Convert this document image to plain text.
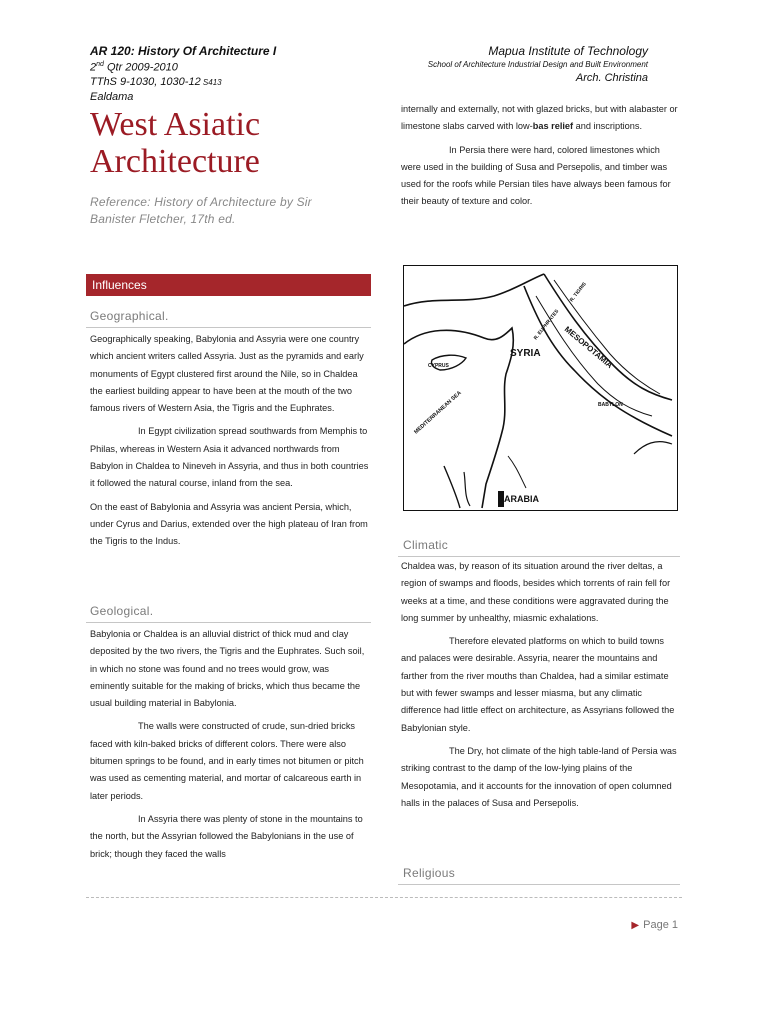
AR 120: History Of Architecture I
2nd Qtr 2009-2010
TThS 9-1030, 1030-12 S413
Ealdama
Mapua Institute of Technology
School of Architecture Industrial Design and Built Environment
Arch. Christina
West Asiatic
Architecture
Reference: History of Architecture by Sir Banister Fletcher, 17th ed.
Influences
Geographical.

Geographically speaking, Babylonia and Assyria were one country which ancient writers called Assyria. Just as the pyramids and early monuments of Egypt clustered first around the Nile, so in Chaldea the earliest building appear to have been at the mouth of the two famous rivers of Western Asia, the Tigris and the Euphrates.

In Egypt civilization spread southwards from Memphis to Philas, whereas in Western Asia it advanced northwards from Babylon in Chaldea to Nineveh in Assyria, and thus in both countries it followed the natural course, inland from the sea.

On the east of Babylonia and Assyria was ancient Persia, which, under Cyrus and Darius, extended over the high plateau of Iran from the Tigris to the Indus.

Geological.

Babylonia or Chaldea is an alluvial district of thick mud and clay deposited by the two rivers, the Tigris and the Euphrates. Such soil, in which no stone was found and no trees would grow, was eminently suitable for the making of bricks, which thus became the usual building material in Babylonia.

The walls were constructed of crude, sun-dried bricks faced with kiln-baked bricks of different colors. There were also bitumen springs to be found, and in early times not bitumen or pitch was used as cementing material, and mortar of calcareous earth in later periods.

In Assyria there was plenty of stone in the mountains to the north, but the Assyrian followed the Babylonians in the use of brick; though they faced the walls

internally and externally, not with glazed bricks, but with alabaster or limestone slabs carved with low-bas relief and inscriptions.

In Persia there were hard, colored limestones which were used in the building of Susa and Persepolis, and timber was used for the roofs while Persian tiles have always been famous for their beauty of texture and color.

R. TIGRIS
R. EUPHRATES MESOPOTAMIA
SYRIA
CYPRUS
MEDITERRANEAN SEA	BABYLON
ARABIA
Climatic

Chaldea was, by reason of its situation around the river deltas, a region of swamps and floods, besides which torrents of rain fell for weeks at a time, and these conditions were aggravated during the long summer by unhealthy, miasmic exhalations.

Therefore elevated platforms on which to build towns and palaces were desirable. Assyria, nearer the mountains and farther from the river mouths than Chaldea, had a similar estimate but with fewer swamps and lesser miasma, but any climatic difference had little effect on architecture, as Assyrians followed the Babylonian style.

The Dry, hot climate of the high table-land of Persia was striking contrast to the damp of the low-lying plains of the Mesopotamia, and it accounts for the innovation of open columned halls in the palaces of Susa and Persepolis.

Religious
▶ Page 1
